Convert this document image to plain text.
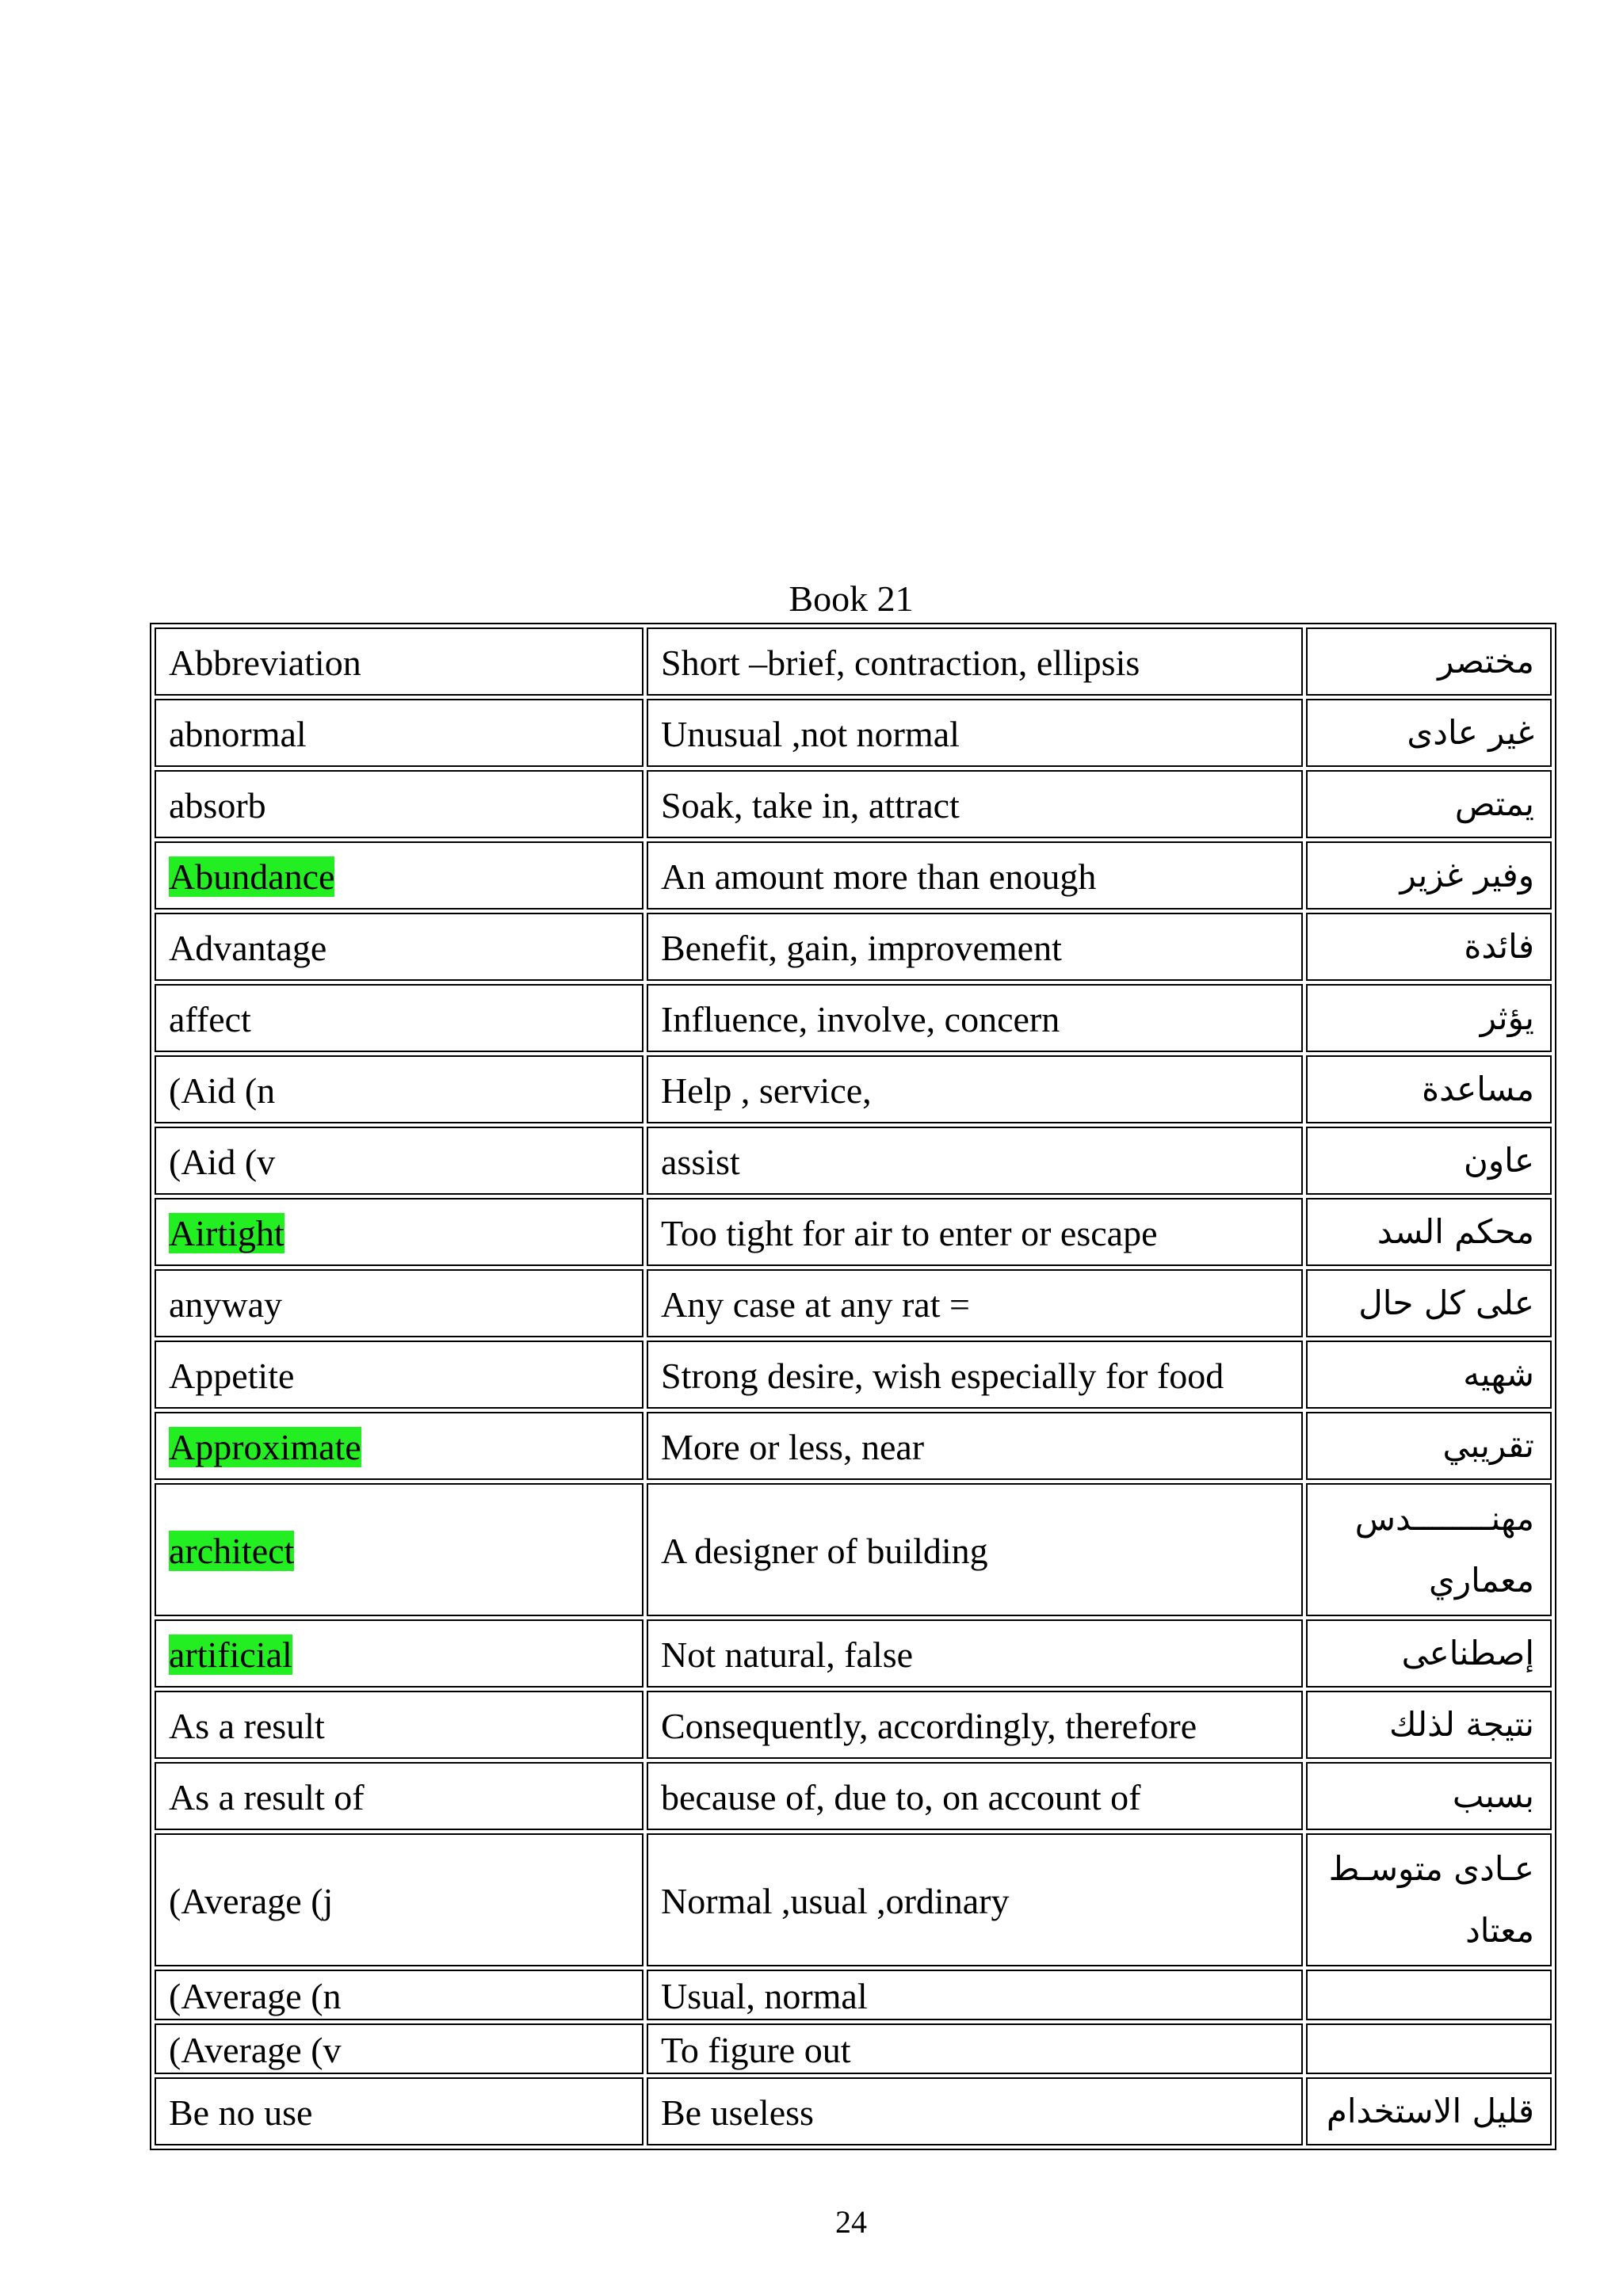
Book 21
Abbreviation	Short –brief, contraction, ellipsis	مختصر
abnormal	Unusual ,not normal	غير عادى
absorb	Soak, take in, attract	يمتص
Abundance	An amount more than enough	وفير غزير
Advantage	Benefit, gain, improvement	فائدة
affect	Influence, involve, concern	يؤثر
(Aid (n	Help , service,	مساعدة
(Aid (v	assist	عاون
Airtight	Too tight for air to enter or escape	محكم السد
anyway	Any case at any rat =	على كل حال
Appetite	Strong desire, wish especially for food	شهيه
Approximate	More or less, near	تقريبي
architect	A designer of building	مهنــــــــدس معماري
artificial	Not natural, false	إصطناعى
As a result	Consequently, accordingly, therefore	نتيجة لذلك
As a result of	because of, due to, on account of	بسبب
(Average (j	Normal ,usual ,ordinary	عـادى متوسـط معتاد
(Average (n	Usual, normal	
(Average (v	To figure out	
Be no use	Be useless	قليل الاستخدام
24
